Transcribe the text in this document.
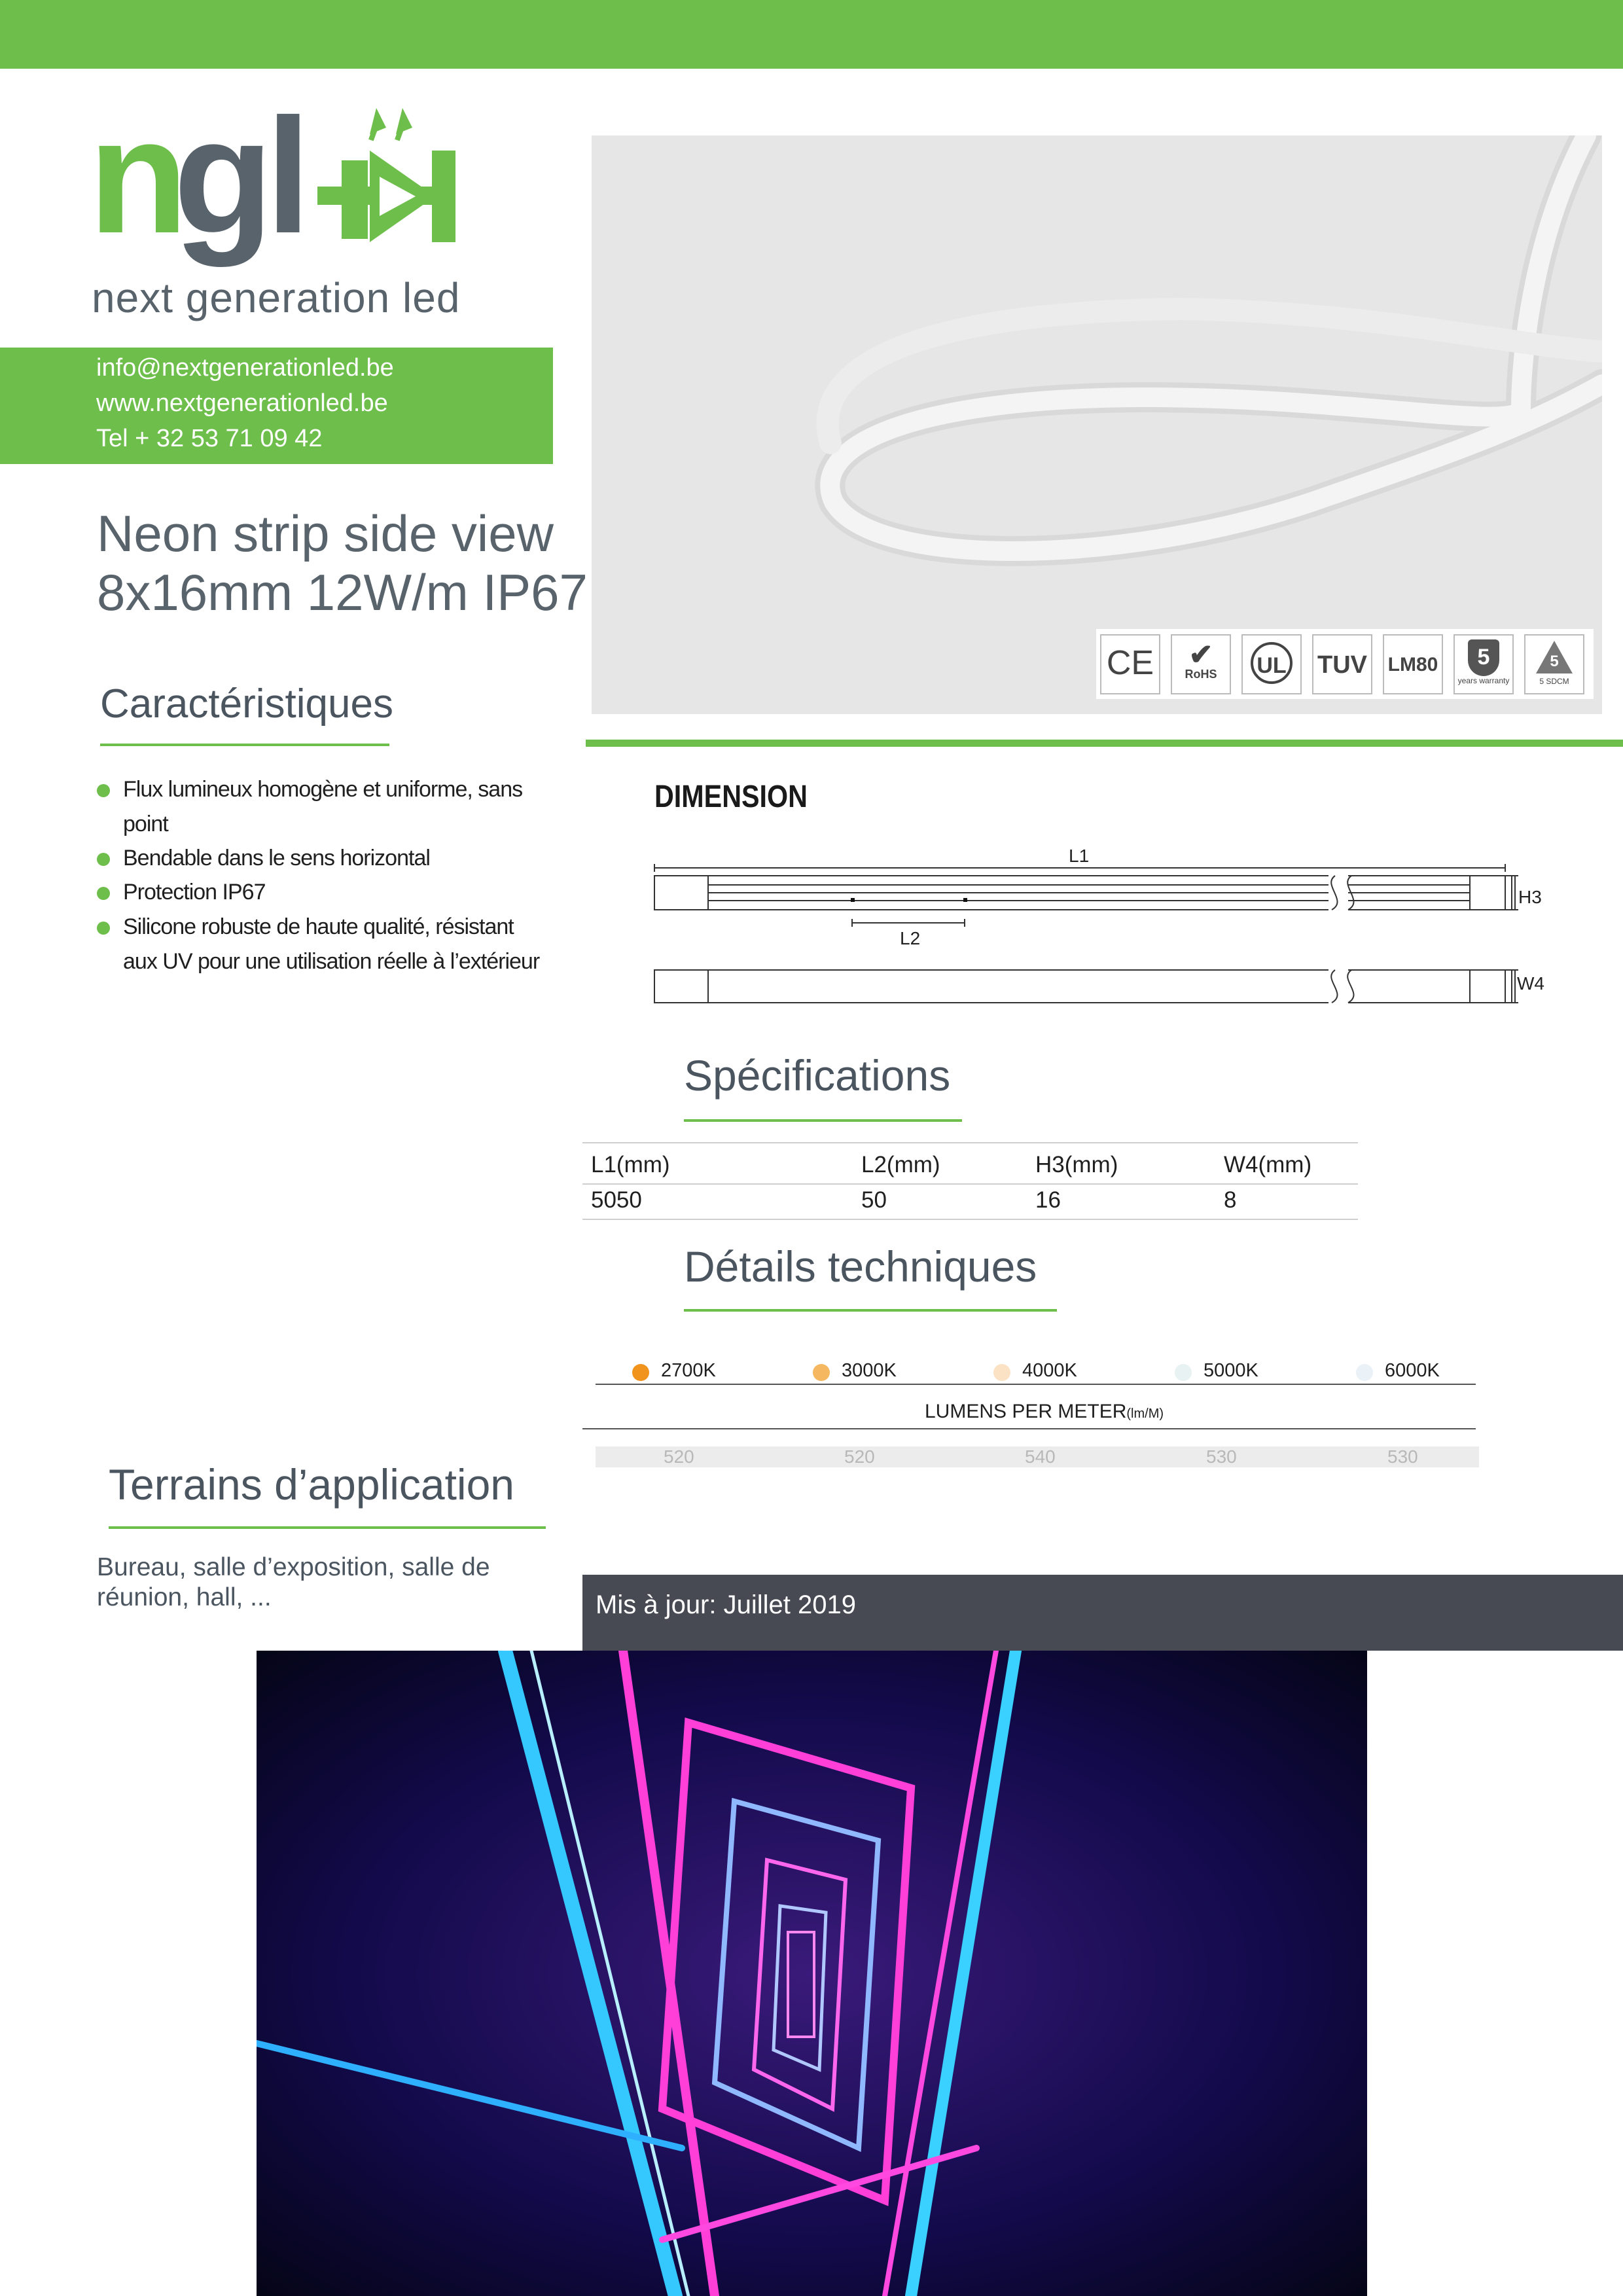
n
gl
next generation led
info@nextgenerationled.be
www.nextgenerationled.be
Tel + 32 53 71 09 42
Neon strip side view
8x16mm 12W/m IP67
CE	✔
RoHS	UL	TUV LM80	5
years warranty
5
5 SDCM
Caractéristiques
Flux lumineux homogène et uniforme, sans point
Bendable dans le sens horizontal
Protection IP67
Silicone robuste de haute qualité, résistant aux UV pour une utilisation réelle à l’extérieur
DIMENSION
L1
L2
H3
W4
Spécifications
L1(mm)	L2(mm)	H3(mm)	W4(mm)
5050	50	16	8
Détails techniques
2700K	3000K	4000K	5000K	6000K
LUMENS PER METER(lm/M)
520	520	540	530	530
Terrains d’application
Bureau, salle d’exposition, salle de réunion, hall, ...	Mis à jour: Juillet 2019
